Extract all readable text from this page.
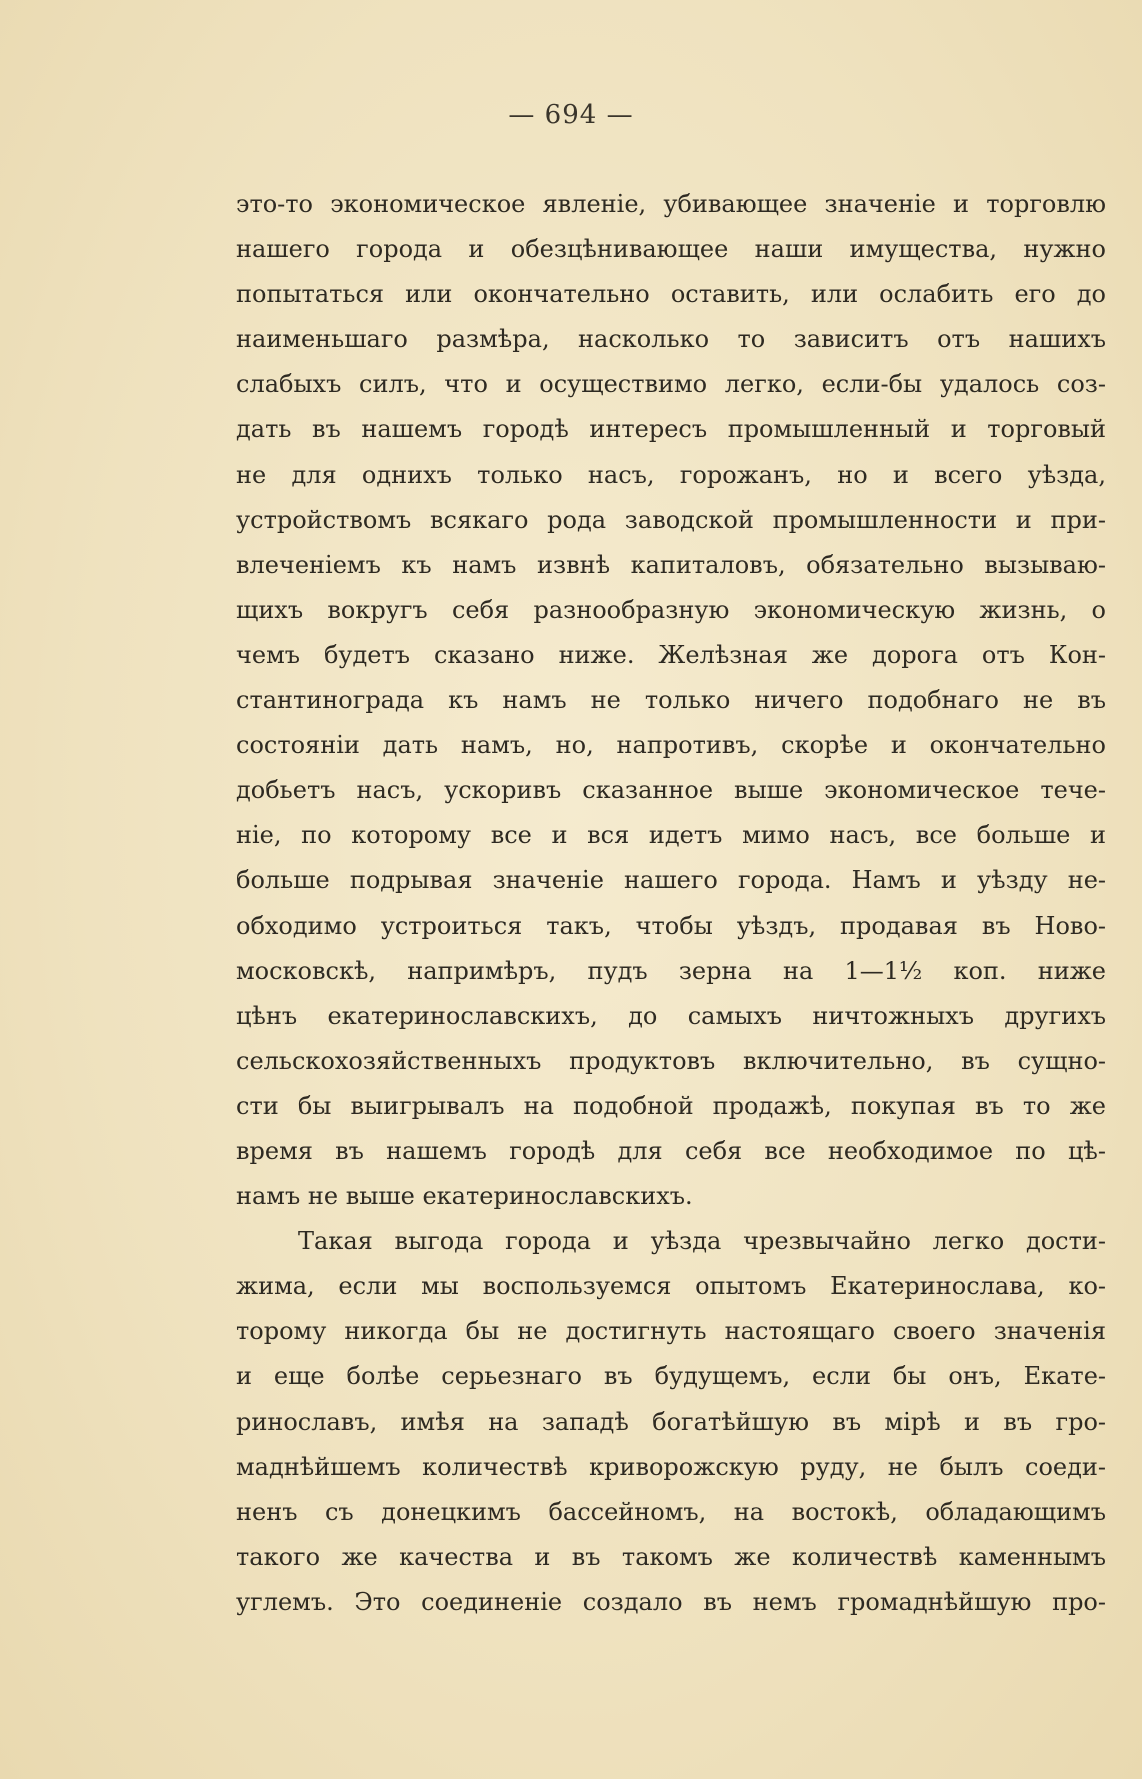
— 694 —
это-то экономическое явленіе, убивающее значеніе и торговлю
нашего города и обезцѣнивающее наши имущества, нужно
попытаться или окончательно оставить, или ослабить его до
наименьшаго размѣра, насколько то зависитъ отъ нашихъ
слабыхъ силъ, что и осуществимо легко, если-бы удалось соз-
дать въ нашемъ городѣ интересъ промышленный и торговый
не для однихъ только насъ, горожанъ, но и всего уѣзда,
устройствомъ всякаго рода заводской промышленности и при-
влеченіемъ къ намъ извнѣ капиталовъ, обязательно вызываю-
щихъ вокругъ себя разнообразную экономическую жизнь, о
чемъ будетъ сказано ниже. Желѣзная же дорога отъ Кон-
стантинограда къ намъ не только ничего подобнаго не въ
состояніи дать намъ, но, напротивъ, скорѣе и окончательно
добьетъ насъ, ускоривъ сказанное выше экономическое тече-
ніе, по которому все и вся идетъ мимо насъ, все больше и
больше подрывая значеніе нашего города. Намъ и уѣзду не-
обходимо устроиться такъ, чтобы уѣздъ, продавая въ Ново-
московскѣ, напримѣръ, пудъ зерна на 1—1½ коп. ниже
цѣнъ екатеринославскихъ, до самыхъ ничтожныхъ другихъ
сельскохозяйственныхъ продуктовъ включительно, въ сущно-
сти бы выигрывалъ на подобной продажѣ, покупая въ то же
время въ нашемъ городѣ для себя все необходимое по цѣ-
намъ не выше екатеринославскихъ.
Такая выгода города и уѣзда чрезвычайно легко дости-
жима, если мы воспользуемся опытомъ Екатеринослава, ко-
торому никогда бы не достигнуть настоящаго своего значенія
и еще болѣе серьезнаго въ будущемъ, если бы онъ, Екате-
ринославъ, имѣя на западѣ богатѣйшую въ мірѣ и въ гро-
маднѣйшемъ количествѣ криворожскую руду, не былъ соеди-
ненъ съ донецкимъ бассейномъ, на востокѣ, обладающимъ
такого же качества и въ такомъ же количествѣ каменнымъ
углемъ. Это соединеніе создало въ немъ громаднѣйшую про-
